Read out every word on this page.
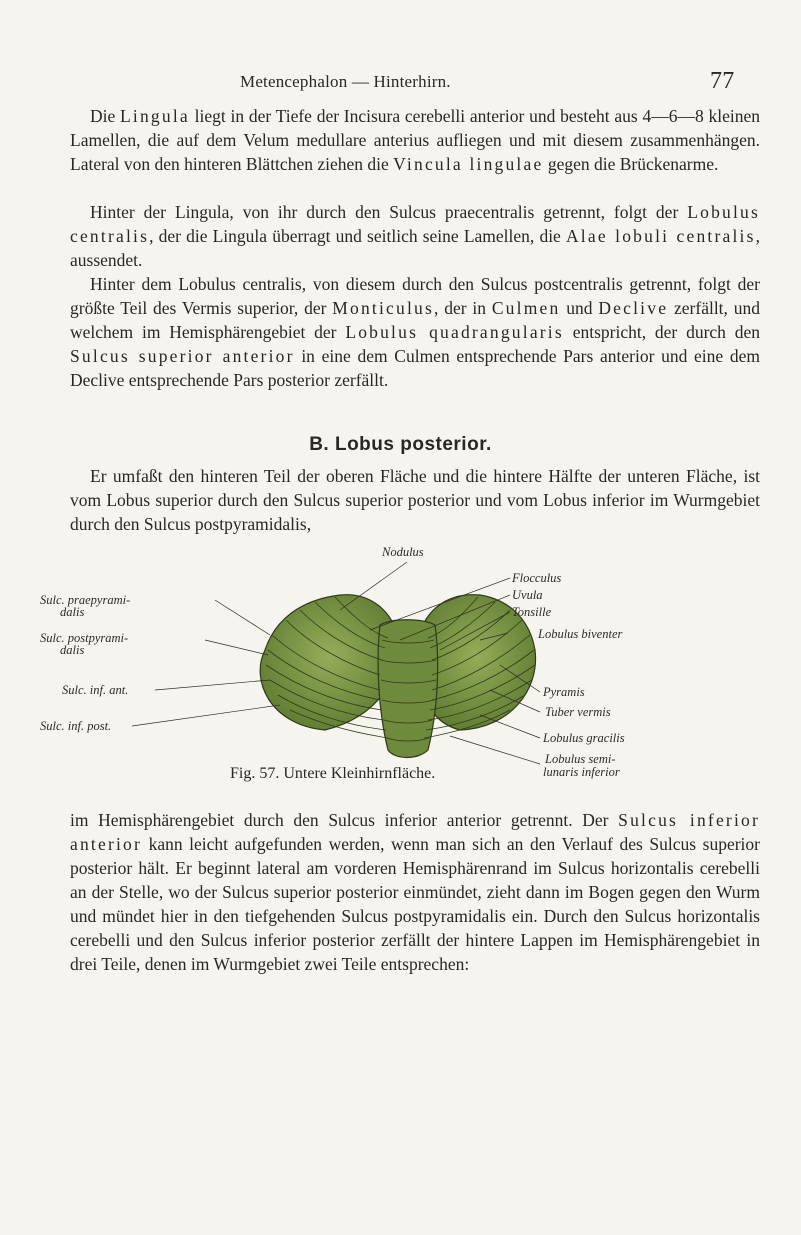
Metencephalon — Hinterhirn.	77

Die Lingula liegt in der Tiefe der Incisura cerebelli anterior und besteht aus 4—6—8 kleinen Lamellen, die auf dem Velum medullare anterius aufliegen und mit diesem zusammenhängen. Lateral von den hinteren Blättchen ziehen die Vincula lingulae gegen die Brückenarme.

Hinter der Lingula, von ihr durch den Sulcus praecentralis getrennt, folgt der Lobulus centralis, der die Lingula überragt und seitlich seine Lamellen, die Alae lobuli centralis, aussendet.

Hinter dem Lobulus centralis, von diesem durch den Sulcus postcentralis getrennt, folgt der größte Teil des Vermis superior, der Monticulus, der in Culmen und Declive zerfällt, und welchem im Hemisphärengebiet der Lobulus quadrangularis entspricht, der durch den Sulcus superior anterior in eine dem Culmen entsprechende Pars anterior und eine dem Declive entsprechende Pars posterior zerfällt.

B. Lobus posterior.

Er umfaßt den hinteren Teil der oberen Fläche und die hintere Hälfte der unteren Fläche, ist vom Lobus superior durch den Sulcus superior posterior und vom Lobus inferior im Wurmgebiet durch den Sulcus postpyramidalis,

Nodulus
Flocculus
Uvula
Tonsille
Lobulus biventer
Pyramis
Tuber vermis
Lobulus gracilis
Lobulus semi-
lunaris inferior
Sulc. praepyrami-
dalis
Sulc. postpyrami-
dalis
Sulc. inf. ant.
Sulc. inf. post.
Fig. 57. Untere Kleinhirnfläche.

im Hemisphärengebiet durch den Sulcus inferior anterior getrennt. Der Sulcus inferior anterior kann leicht aufgefunden werden, wenn man sich an den Verlauf des Sulcus superior posterior hält. Er beginnt lateral am vorderen Hemisphärenrand im Sulcus horizontalis cerebelli an der Stelle, wo der Sulcus superior posterior einmündet, zieht dann im Bogen gegen den Wurm und mündet hier in den tiefgehenden Sulcus postpyramidalis ein. Durch den Sulcus horizontalis cerebelli und den Sulcus inferior posterior zerfällt der hintere Lappen im Hemisphärengebiet in drei Teile, denen im Wurmgebiet zwei Teile entsprechen:
